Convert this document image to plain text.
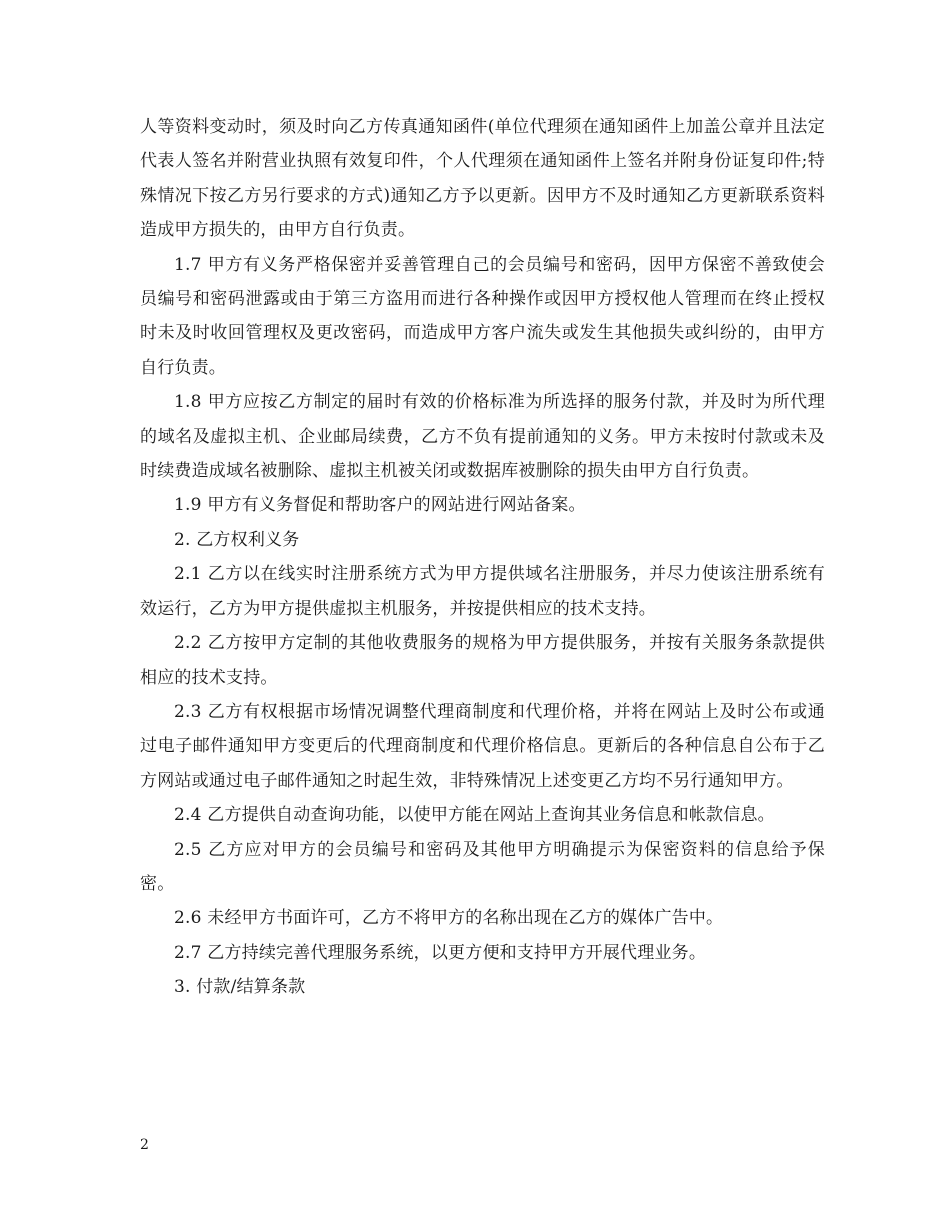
人等资料变动时，须及时向乙方传真通知函件(单位代理须在通知函件上加盖公章并且法定代表人签名并附营业执照有效复印件，个人代理须在通知函件上签名并附身份证复印件;特殊情况下按乙方另行要求的方式)通知乙方予以更新。因甲方不及时通知乙方更新联系资料造成甲方损失的，由甲方自行负责。

1.7 甲方有义务严格保密并妥善管理自己的会员编号和密码，因甲方保密不善致使会员编号和密码泄露或由于第三方盗用而进行各种操作或因甲方授权他人管理而在终止授权时未及时收回管理权及更改密码，而造成甲方客户流失或发生其他损失或纠纷的，由甲方自行负责。

1.8 甲方应按乙方制定的届时有效的价格标准为所选择的服务付款，并及时为所代理的域名及虚拟主机、企业邮局续费，乙方不负有提前通知的义务。甲方未按时付款或未及时续费造成域名被删除、虚拟主机被关闭或数据库被删除的损失由甲方自行负责。

1.9 甲方有义务督促和帮助客户的网站进行网站备案。

2. 乙方权利义务

2.1 乙方以在线实时注册系统方式为甲方提供域名注册服务，并尽力使该注册系统有效运行，乙方为甲方提供虚拟主机服务，并按提供相应的技术支持。

2.2 乙方按甲方定制的其他收费服务的规格为甲方提供服务，并按有关服务条款提供相应的技术支持。

2.3 乙方有权根据市场情况调整代理商制度和代理价格，并将在网站上及时公布或通过电子邮件通知甲方变更后的代理商制度和代理价格信息。更新后的各种信息自公布于乙方网站或通过电子邮件通知之时起生效，非特殊情况上述变更乙方均不另行通知甲方。

2.4 乙方提供自动查询功能，以使甲方能在网站上查询其业务信息和帐款信息。

2.5 乙方应对甲方的会员编号和密码及其他甲方明确提示为保密资料的信息给予保密。

2.6 未经甲方书面许可，乙方不将甲方的名称出现在乙方的媒体广告中。

2.7 乙方持续完善代理服务系统，以更方便和支持甲方开展代理业务。

3. 付款/结算条款

2
